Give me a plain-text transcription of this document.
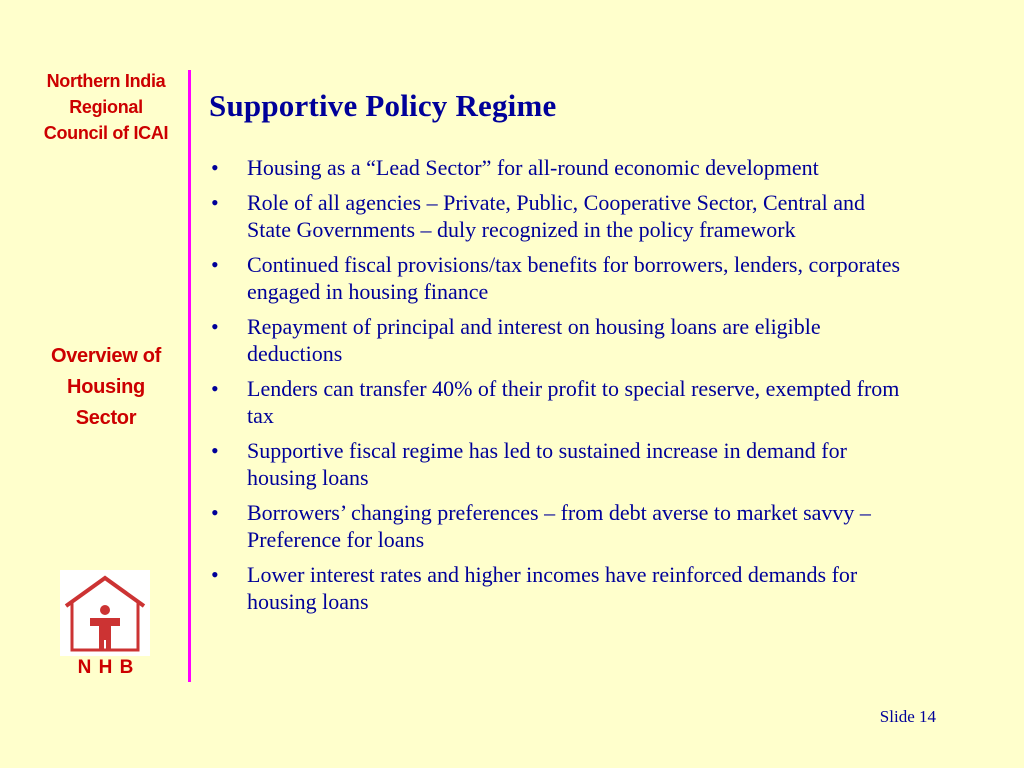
Northern India
Regional
Council of ICAI
Overview of
Housing
Sector
N H B
Supportive Policy Regime
• Housing as a “Lead Sector” for all-round economic development
• Role of all agencies – Private, Public, Cooperative Sector, Central and State Governments – duly recognized in the policy framework
• Continued fiscal provisions/tax benefits for borrowers, lenders, corporates engaged in housing finance
• Repayment of principal and interest on housing loans are eligible deductions
• Lenders can transfer 40% of their profit to special reserve, exempted from tax
• Supportive fiscal regime has led to sustained increase in demand for housing loans
• Borrowers’ changing preferences – from debt averse to market savvy – Preference for loans
• Lower interest rates and higher incomes have reinforced demands for housing loans
Slide 14
